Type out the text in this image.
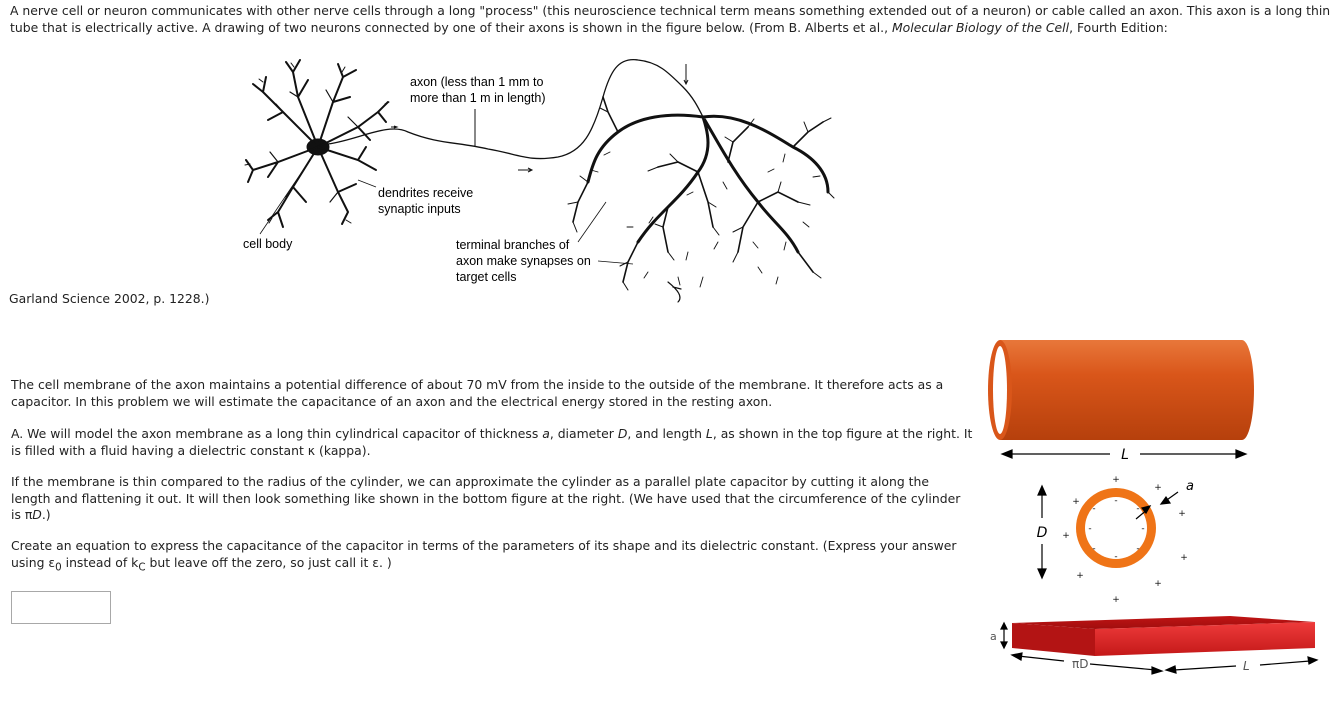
A nerve cell or neuron communicates with other nerve cells through a long "process" (this neuroscience technical term means something extended out of a neuron) or cable called an axon. This axon is a long thin tube that is electrically active. A drawing of two neurons connected by one of their axons is shown in the figure below. (From B. Alberts et al., Molecular Biology of the Cell, Fourth Edition:

axon (less than 1 mm to
more than 1 m in length)
dendrites receive
synaptic inputs
cell body	terminal branches of
axon make synapses on
target cells

Garland Science 2002, p. 1228.)

The cell membrane of the axon maintains a potential difference of about 70 mV from the inside to the outside of the membrane. It therefore acts as a capacitor. In this problem we will estimate the capacitance of an axon and the electrical energy stored in the resting axon.

A. We will model the axon membrane as a long thin cylindrical capacitor of thickness a, diameter D, and length L, as shown in the top figure at the right. It is filled with a fluid having a dielectric constant κ (kappa).

If the membrane is thin compared to the radius of the cylinder, we can approximate the cylinder as a parallel plate capacitor by cutting it along the length and flattening it out. It will then look something like shown in the bottom figure at the right. (We have used that the circumference of the cylinder is πD.)

Create an equation to express the capacitance of the capacitor in terms of the parameters of its shape and its dielectric constant. (Express your answer using $\varepsilon_0$ instead of $k_C$ but leave off the zero, so just call it ε. )

L
+
+
+
+
+
+
+
+
+	-
-
-
-
-
-
-
-
D
a
a
πD	L
